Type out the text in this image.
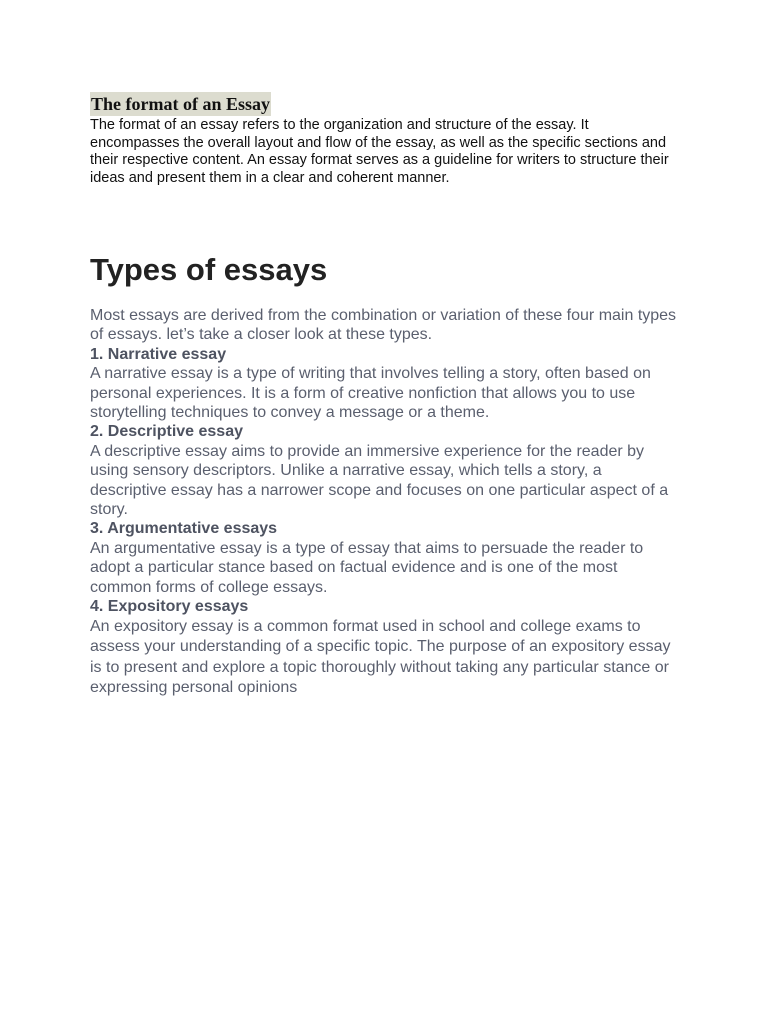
The format of an Essay

The format of an essay refers to the organization and structure of the essay. It encompasses the overall layout and flow of the essay, as well as the specific sections and their respective content. An essay format serves as a guideline for writers to structure their ideas and present them in a clear and coherent manner.

Types of essays

Most essays are derived from the combination or variation of these four main types of essays. let’s take a closer look at these types.

1. Narrative essay

A narrative essay is a type of writing that involves telling a story, often based on personal experiences. It is a form of creative nonfiction that allows you to use storytelling techniques to convey a message or a theme.

2. Descriptive essay

A descriptive essay aims to provide an immersive experience for the reader by using sensory descriptors. Unlike a narrative essay, which tells a story, a descriptive essay has a narrower scope and focuses on one particular aspect of a story.

3. Argumentative essays

An argumentative essay is a type of essay that aims to persuade the reader to adopt a particular stance based on factual evidence and is one of the most common forms of college essays.

4. Expository essays

An expository essay is a common format used in school and college exams to assess your understanding of a specific topic. The purpose of an expository essay is to present and explore a topic thoroughly without taking any particular stance or expressing personal opinions
